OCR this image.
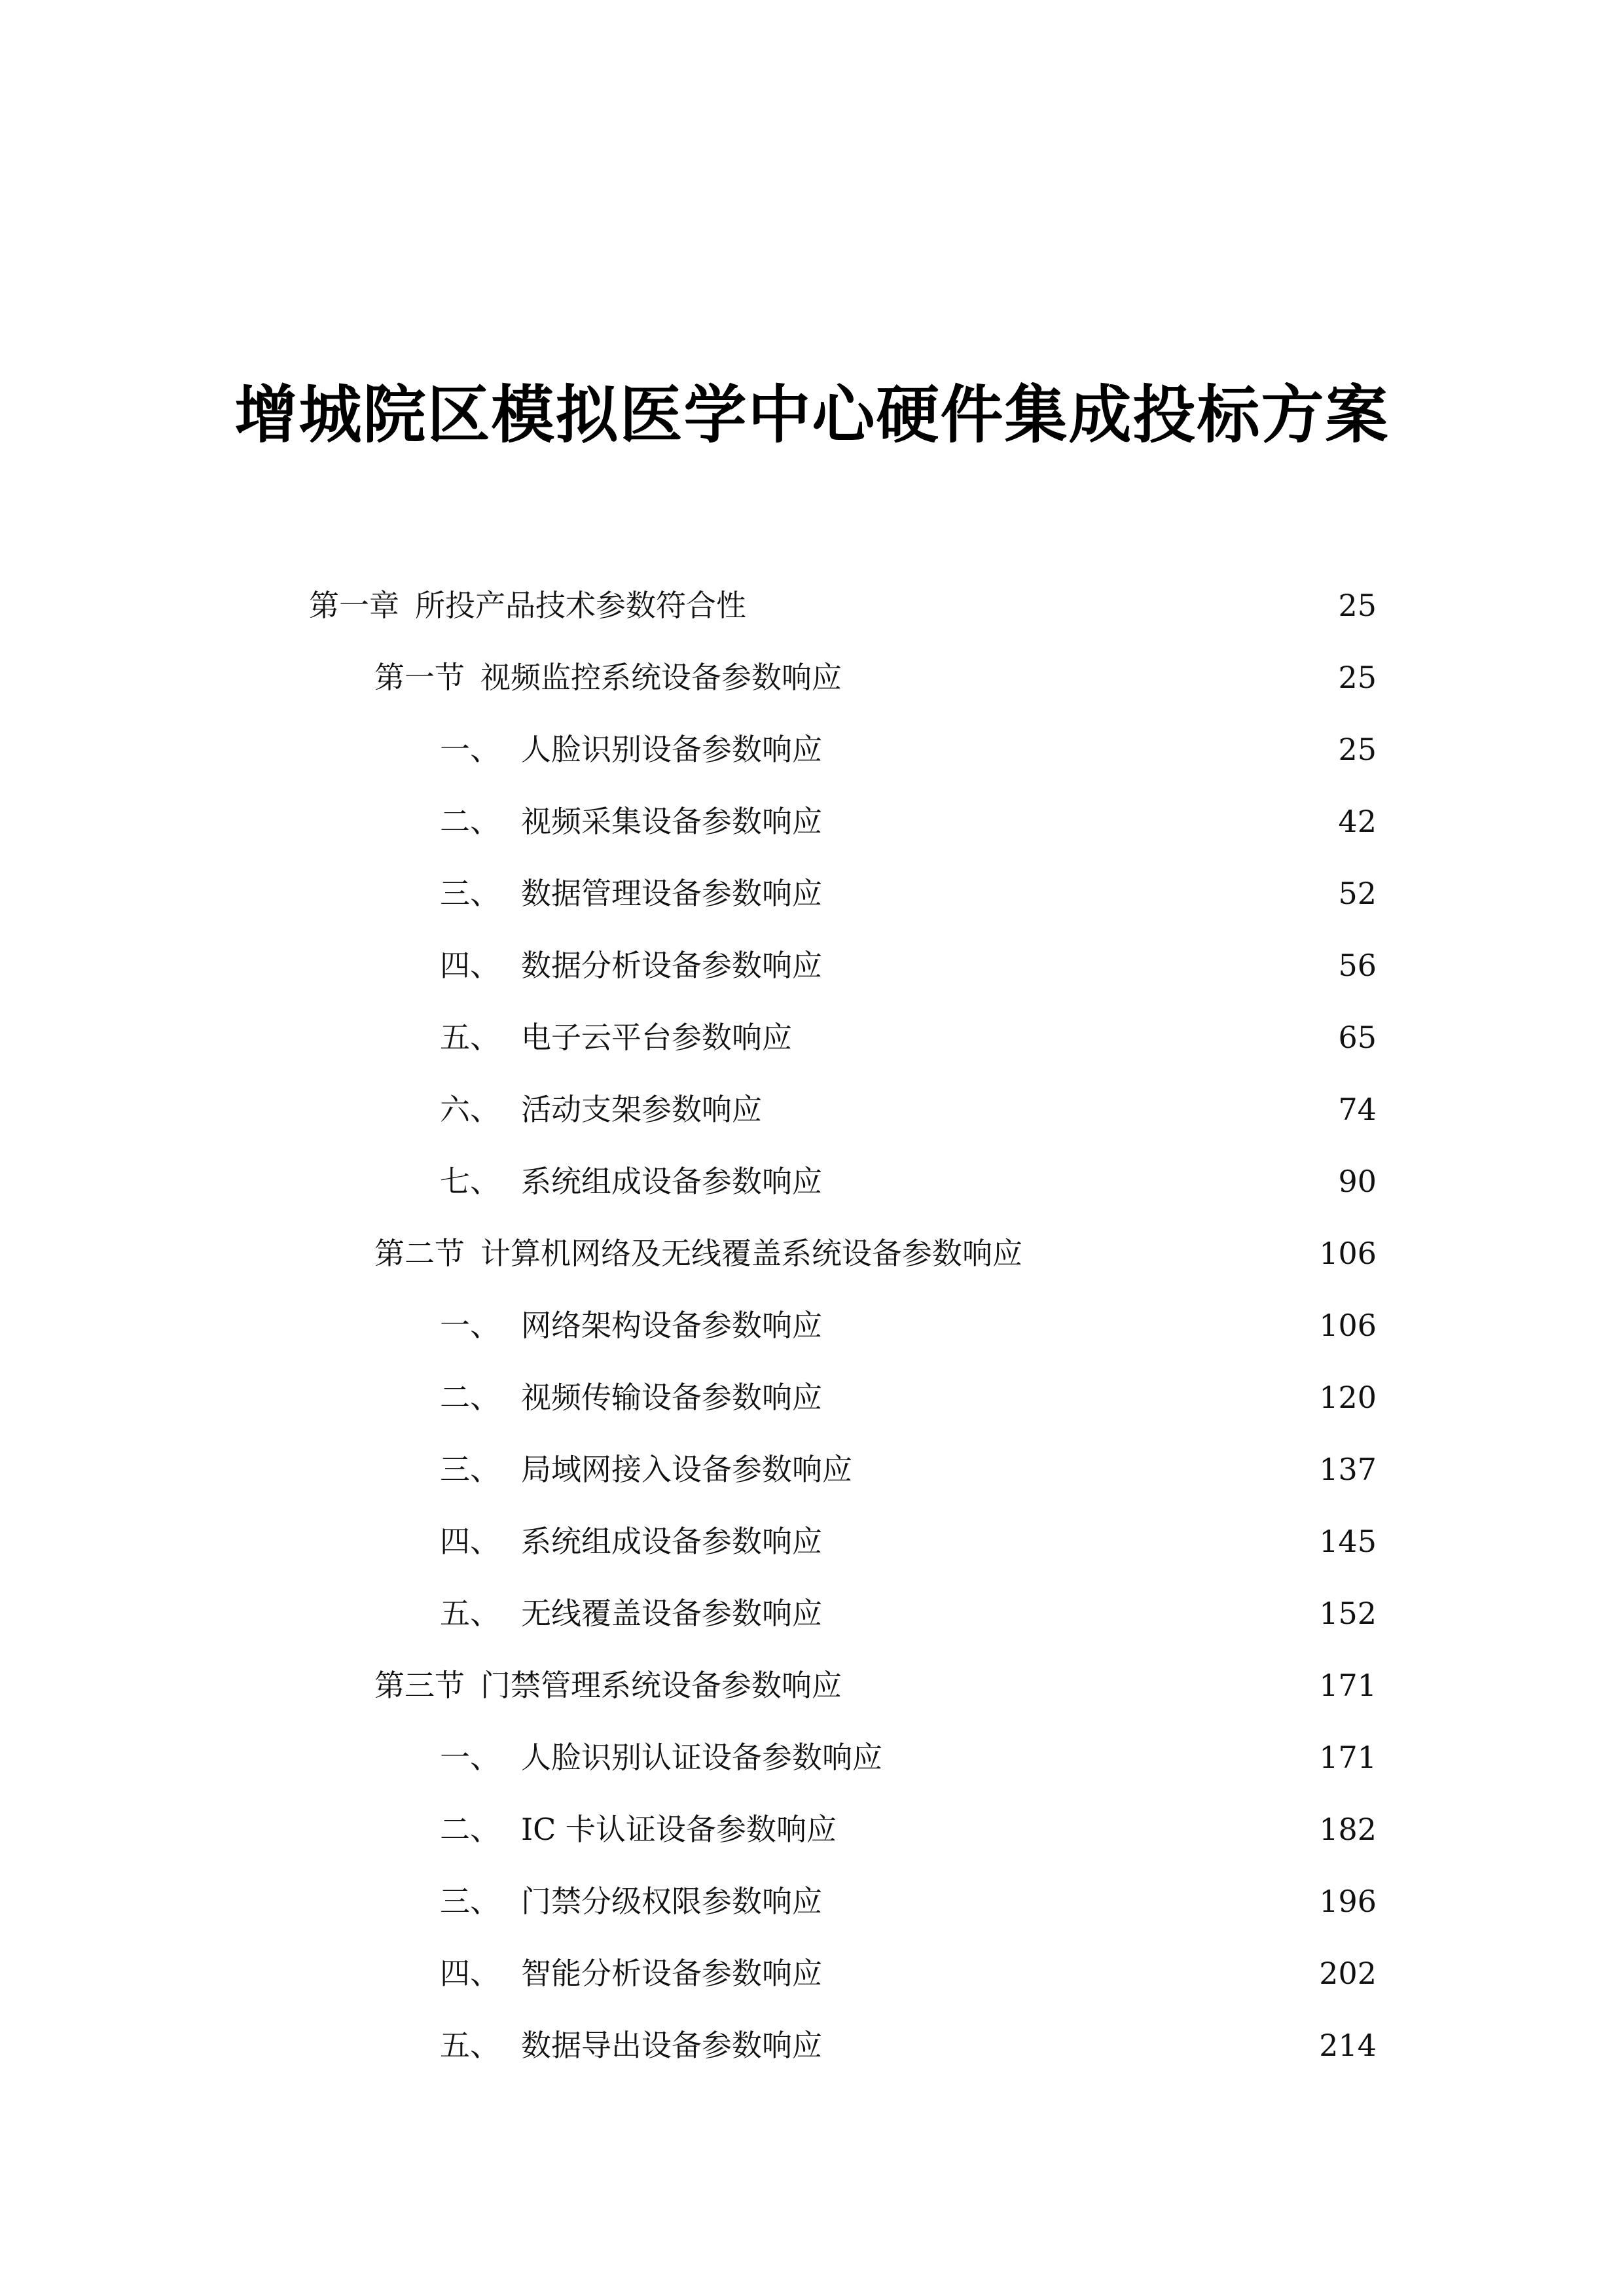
增城院区模拟医学中心硬件集成投标方案
第一章 所投产品技术参数符合性	25
第一节 视频监控系统设备参数响应	25
一、 人脸识别设备参数响应	25
二、 视频采集设备参数响应	42
三、 数据管理设备参数响应	52
四、 数据分析设备参数响应	56
五、 电子云平台参数响应	65
六、 活动支架参数响应	74
七、 系统组成设备参数响应	90
第二节 计算机网络及无线覆盖系统设备参数响应	106
一、 网络架构设备参数响应	106
二、 视频传输设备参数响应	120
三、 局域网接入设备参数响应	137
四、 系统组成设备参数响应	145
五、 无线覆盖设备参数响应	152
第三节 门禁管理系统设备参数响应	171
一、 人脸识别认证设备参数响应	171
二、 IC 卡认证设备参数响应	182
三、 门禁分级权限参数响应	196
四、 智能分析设备参数响应	202
五、 数据导出设备参数响应	214
